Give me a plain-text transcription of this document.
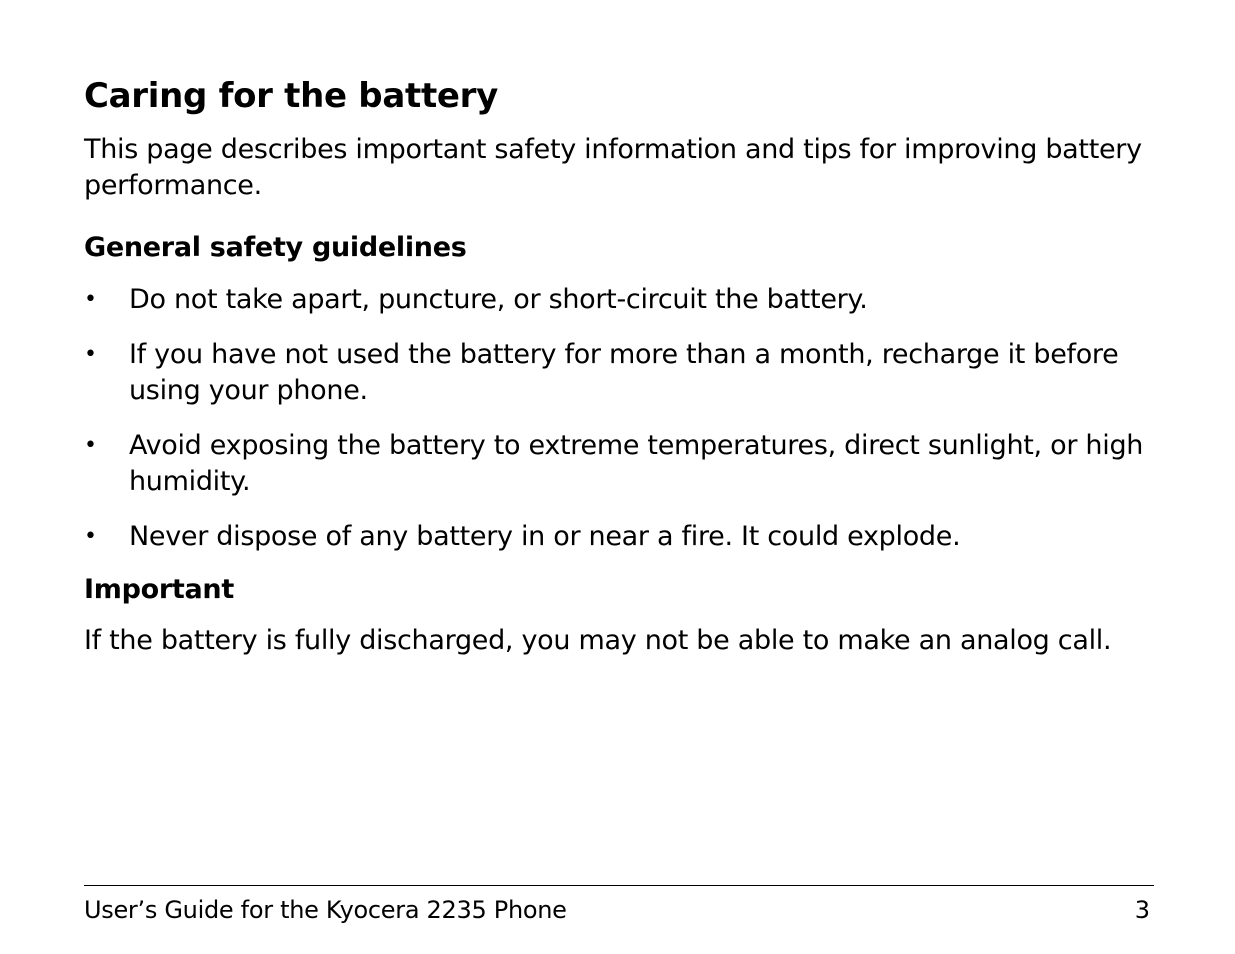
Caring for the battery

This page describes important safety information and tips for improving battery performance.

General safety guidelines
• Do not take apart, puncture, or short-circuit the battery.
• If you have not used the battery for more than a month, recharge it before using your phone.
• Avoid exposing the battery to extreme temperatures, direct sunlight, or high humidity.
• Never dispose of any battery in or near a fire. It could explode.
Important

If the battery is fully discharged, you may not be able to make an analog call.

User’s Guide for the Kyocera 2235 Phone	3
